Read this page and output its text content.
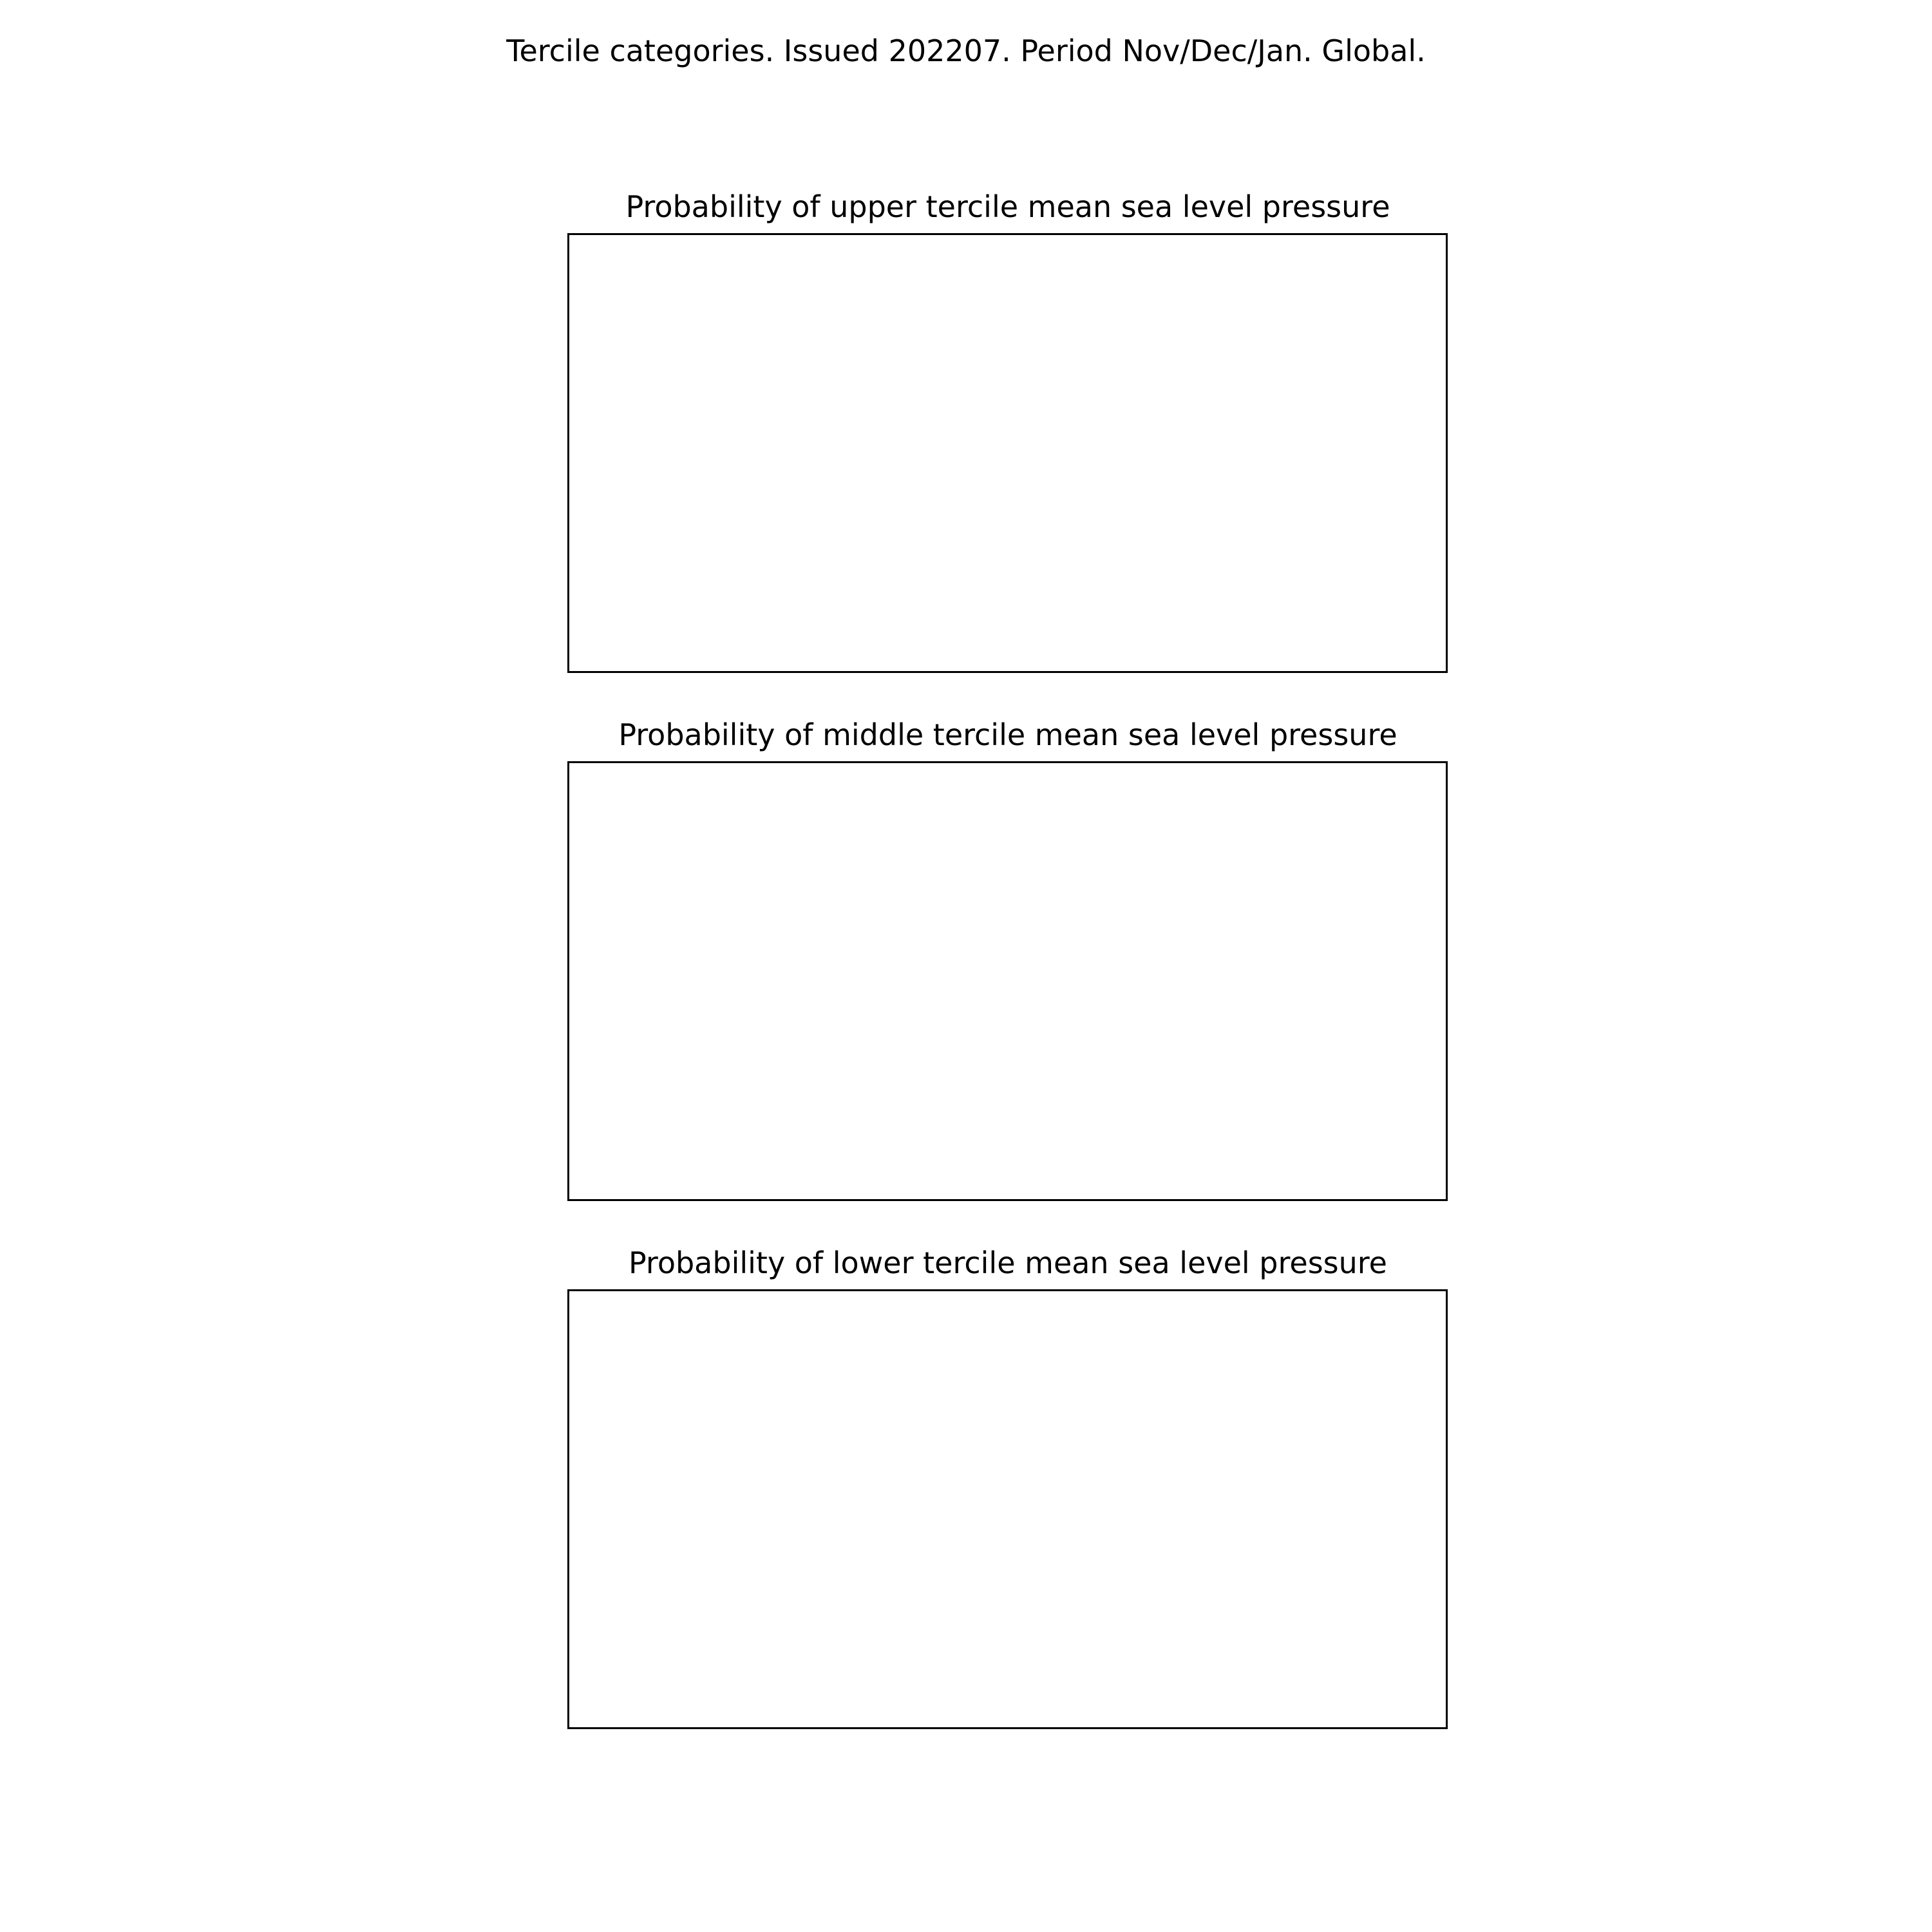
Tercile categories. Issued 202207. Period Nov/Dec/Jan. Global.
Probability of upper tercile mean sea level pressure
Probability of middle tercile mean sea level pressure
Probability of lower tercile mean sea level pressure
